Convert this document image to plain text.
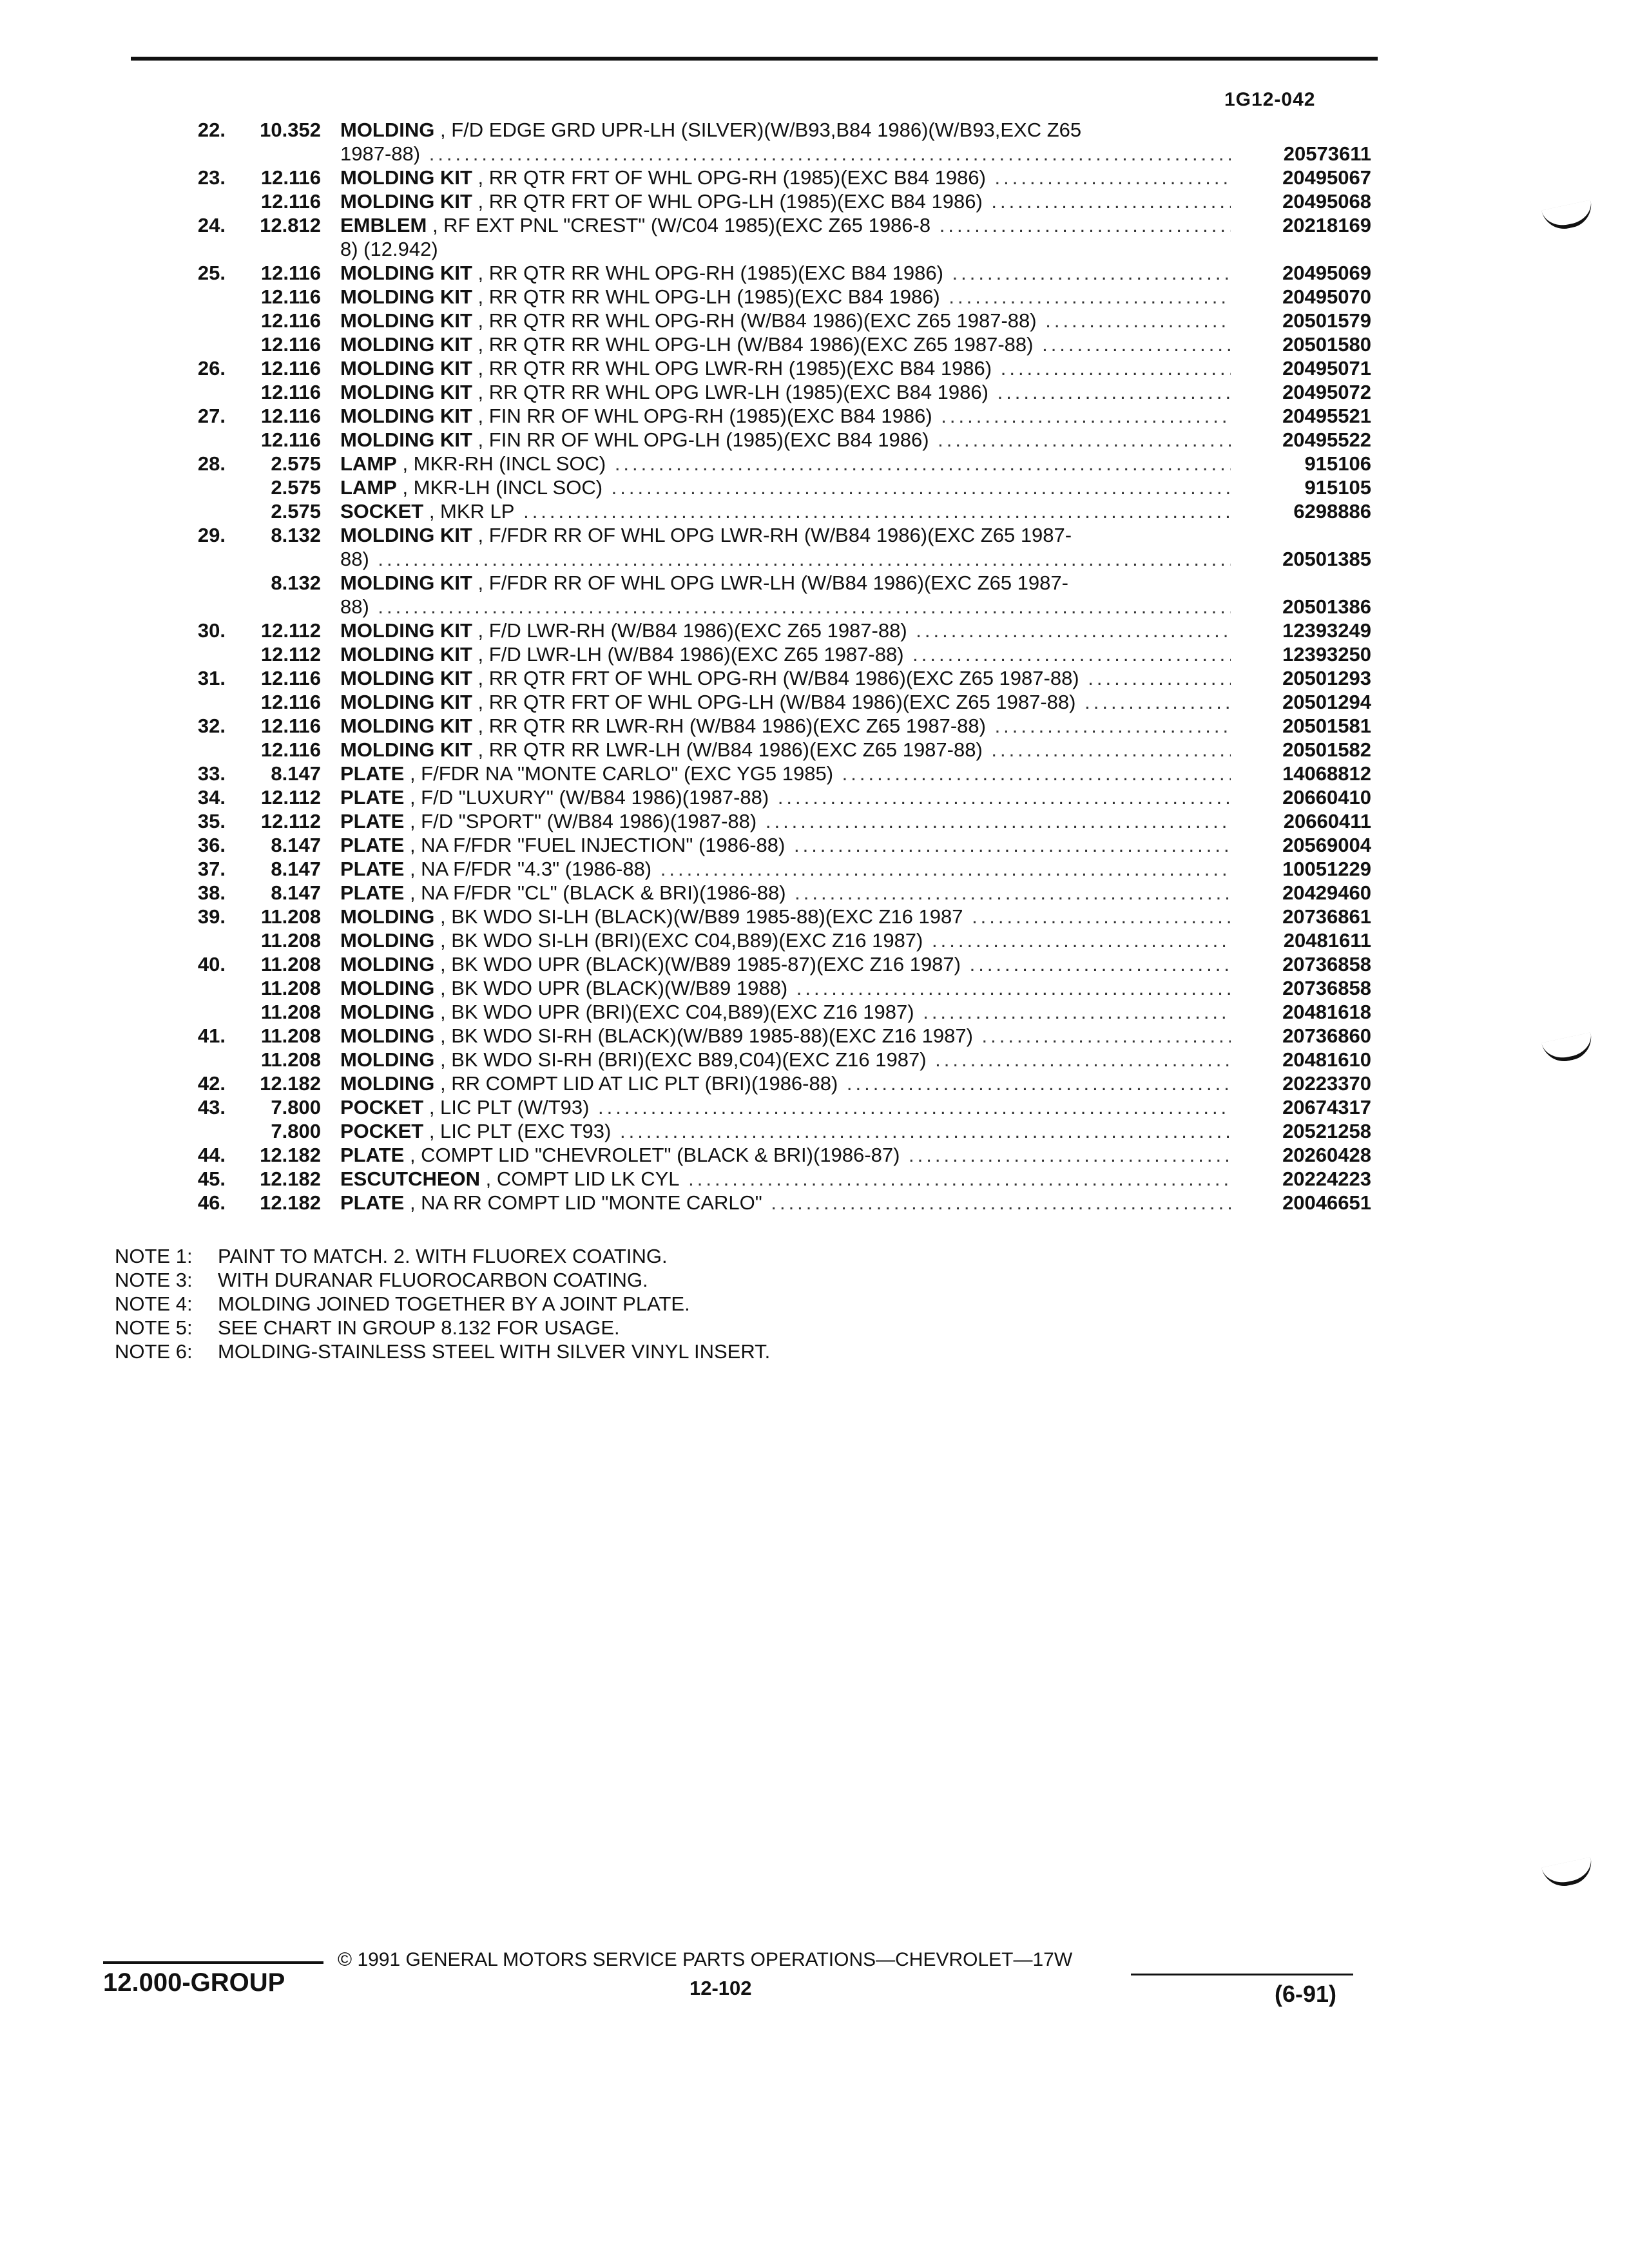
1G12-042
22.	10.352 MOLDING , F/D EDGE GRD UPR-LH (SILVER)(W/B93,B84 1986)(W/B93,EXC Z65
1987-88) .....	20573611
23.	12.116 MOLDING KIT , RR QTR FRT OF WHL OPG-RH (1985)(EXC B84 1986) .....	20495067
12.116 MOLDING KIT , RR QTR FRT OF WHL OPG-LH (1985)(EXC B84 1986) .....	20495068
24.	12.812 EMBLEM , RF EXT PNL "CREST" (W/C04 1985)(EXC Z65 1986-8 .....	20218169
8) (12.942)
25.	12.116 MOLDING KIT , RR QTR RR WHL OPG-RH (1985)(EXC B84 1986) .....	20495069
12.116 MOLDING KIT , RR QTR RR WHL OPG-LH (1985)(EXC B84 1986) .....	20495070
12.116 MOLDING KIT , RR QTR RR WHL OPG-RH (W/B84 1986)(EXC Z65 1987-88) .....	20501579
12.116 MOLDING KIT , RR QTR RR WHL OPG-LH (W/B84 1986)(EXC Z65 1987-88) .....	20501580
26.	12.116 MOLDING KIT , RR QTR RR WHL OPG LWR-RH (1985)(EXC B84 1986) .....	20495071
12.116 MOLDING KIT , RR QTR RR WHL OPG LWR-LH (1985)(EXC B84 1986) .....	20495072
27.	12.116 MOLDING KIT , FIN RR OF WHL OPG-RH (1985)(EXC B84 1986) .....	20495521
12.116 MOLDING KIT , FIN RR OF WHL OPG-LH (1985)(EXC B84 1986) .....	20495522
28.	2.575 LAMP , MKR-RH (INCL SOC) .....	915106
2.575 LAMP , MKR-LH (INCL SOC) .....	915105
2.575 SOCKET , MKR LP .....	6298886
29.	8.132 MOLDING KIT , F/FDR RR OF WHL OPG LWR-RH (W/B84 1986)(EXC Z65 1987-
88) .....	20501385
8.132 MOLDING KIT , F/FDR RR OF WHL OPG LWR-LH (W/B84 1986)(EXC Z65 1987-
88) .....	20501386
30.	12.112 MOLDING KIT , F/D LWR-RH (W/B84 1986)(EXC Z65 1987-88) .....	12393249
12.112 MOLDING KIT , F/D LWR-LH (W/B84 1986)(EXC Z65 1987-88) .....	12393250
31.	12.116 MOLDING KIT , RR QTR FRT OF WHL OPG-RH (W/B84 1986)(EXC Z65 1987-88) .....	20501293
12.116 MOLDING KIT , RR QTR FRT OF WHL OPG-LH (W/B84 1986)(EXC Z65 1987-88) .....	20501294
32.	12.116 MOLDING KIT , RR QTR RR LWR-RH (W/B84 1986)(EXC Z65 1987-88) .....	20501581
12.116 MOLDING KIT , RR QTR RR LWR-LH (W/B84 1986)(EXC Z65 1987-88) .....	20501582
33.	8.147 PLATE , F/FDR NA "MONTE CARLO" (EXC YG5 1985) .....	14068812
34.	12.112 PLATE , F/D "LUXURY" (W/B84 1986)(1987-88) .....	20660410
35.	12.112 PLATE , F/D "SPORT" (W/B84 1986)(1987-88) .....	20660411
36.	8.147 PLATE , NA F/FDR "FUEL INJECTION" (1986-88) .....	20569004
37.	8.147 PLATE , NA F/FDR "4.3" (1986-88) .....	10051229
38.	8.147 PLATE , NA F/FDR "CL" (BLACK & BRI)(1986-88) .....	20429460
39.	11.208 MOLDING , BK WDO SI-LH (BLACK)(W/B89 1985-88)(EXC Z16 1987 .....	20736861
11.208 MOLDING , BK WDO SI-LH (BRI)(EXC C04,B89)(EXC Z16 1987) .....	20481611
40.	11.208 MOLDING , BK WDO UPR (BLACK)(W/B89 1985-87)(EXC Z16 1987) .....	20736858
11.208 MOLDING , BK WDO UPR (BLACK)(W/B89 1988) .....	20736858
11.208 MOLDING , BK WDO UPR (BRI)(EXC C04,B89)(EXC Z16 1987) .....	20481618
41.	11.208 MOLDING , BK WDO SI-RH (BLACK)(W/B89 1985-88)(EXC Z16 1987) .....	20736860
11.208 MOLDING , BK WDO SI-RH (BRI)(EXC B89,C04)(EXC Z16 1987) .....	20481610
42.	12.182 MOLDING , RR COMPT LID AT LIC PLT (BRI)(1986-88) .....	20223370
43.	7.800 POCKET , LIC PLT (W/T93) .....	20674317
7.800 POCKET , LIC PLT (EXC T93) .....	20521258
44.	12.182 PLATE , COMPT LID "CHEVROLET" (BLACK & BRI)(1986-87) .....	20260428
45.	12.182 ESCUTCHEON , COMPT LID LK CYL .....	20224223
46.	12.182 PLATE , NA RR COMPT LID "MONTE CARLO" .....	20046651
NOTE 1: PAINT TO MATCH. 2. WITH FLUOREX COATING.
NOTE 3: WITH DURANAR FLUOROCARBON COATING.
NOTE 4: MOLDING JOINED TOGETHER BY A JOINT PLATE.
NOTE 5: SEE CHART IN GROUP 8.132 FOR USAGE.
NOTE 6: MOLDING-STAINLESS STEEL WITH SILVER VINYL INSERT.
© 1991 GENERAL MOTORS SERVICE PARTS OPERATIONS—CHEVROLET—17W
12.000-GROUP	12-102	(6-91)
